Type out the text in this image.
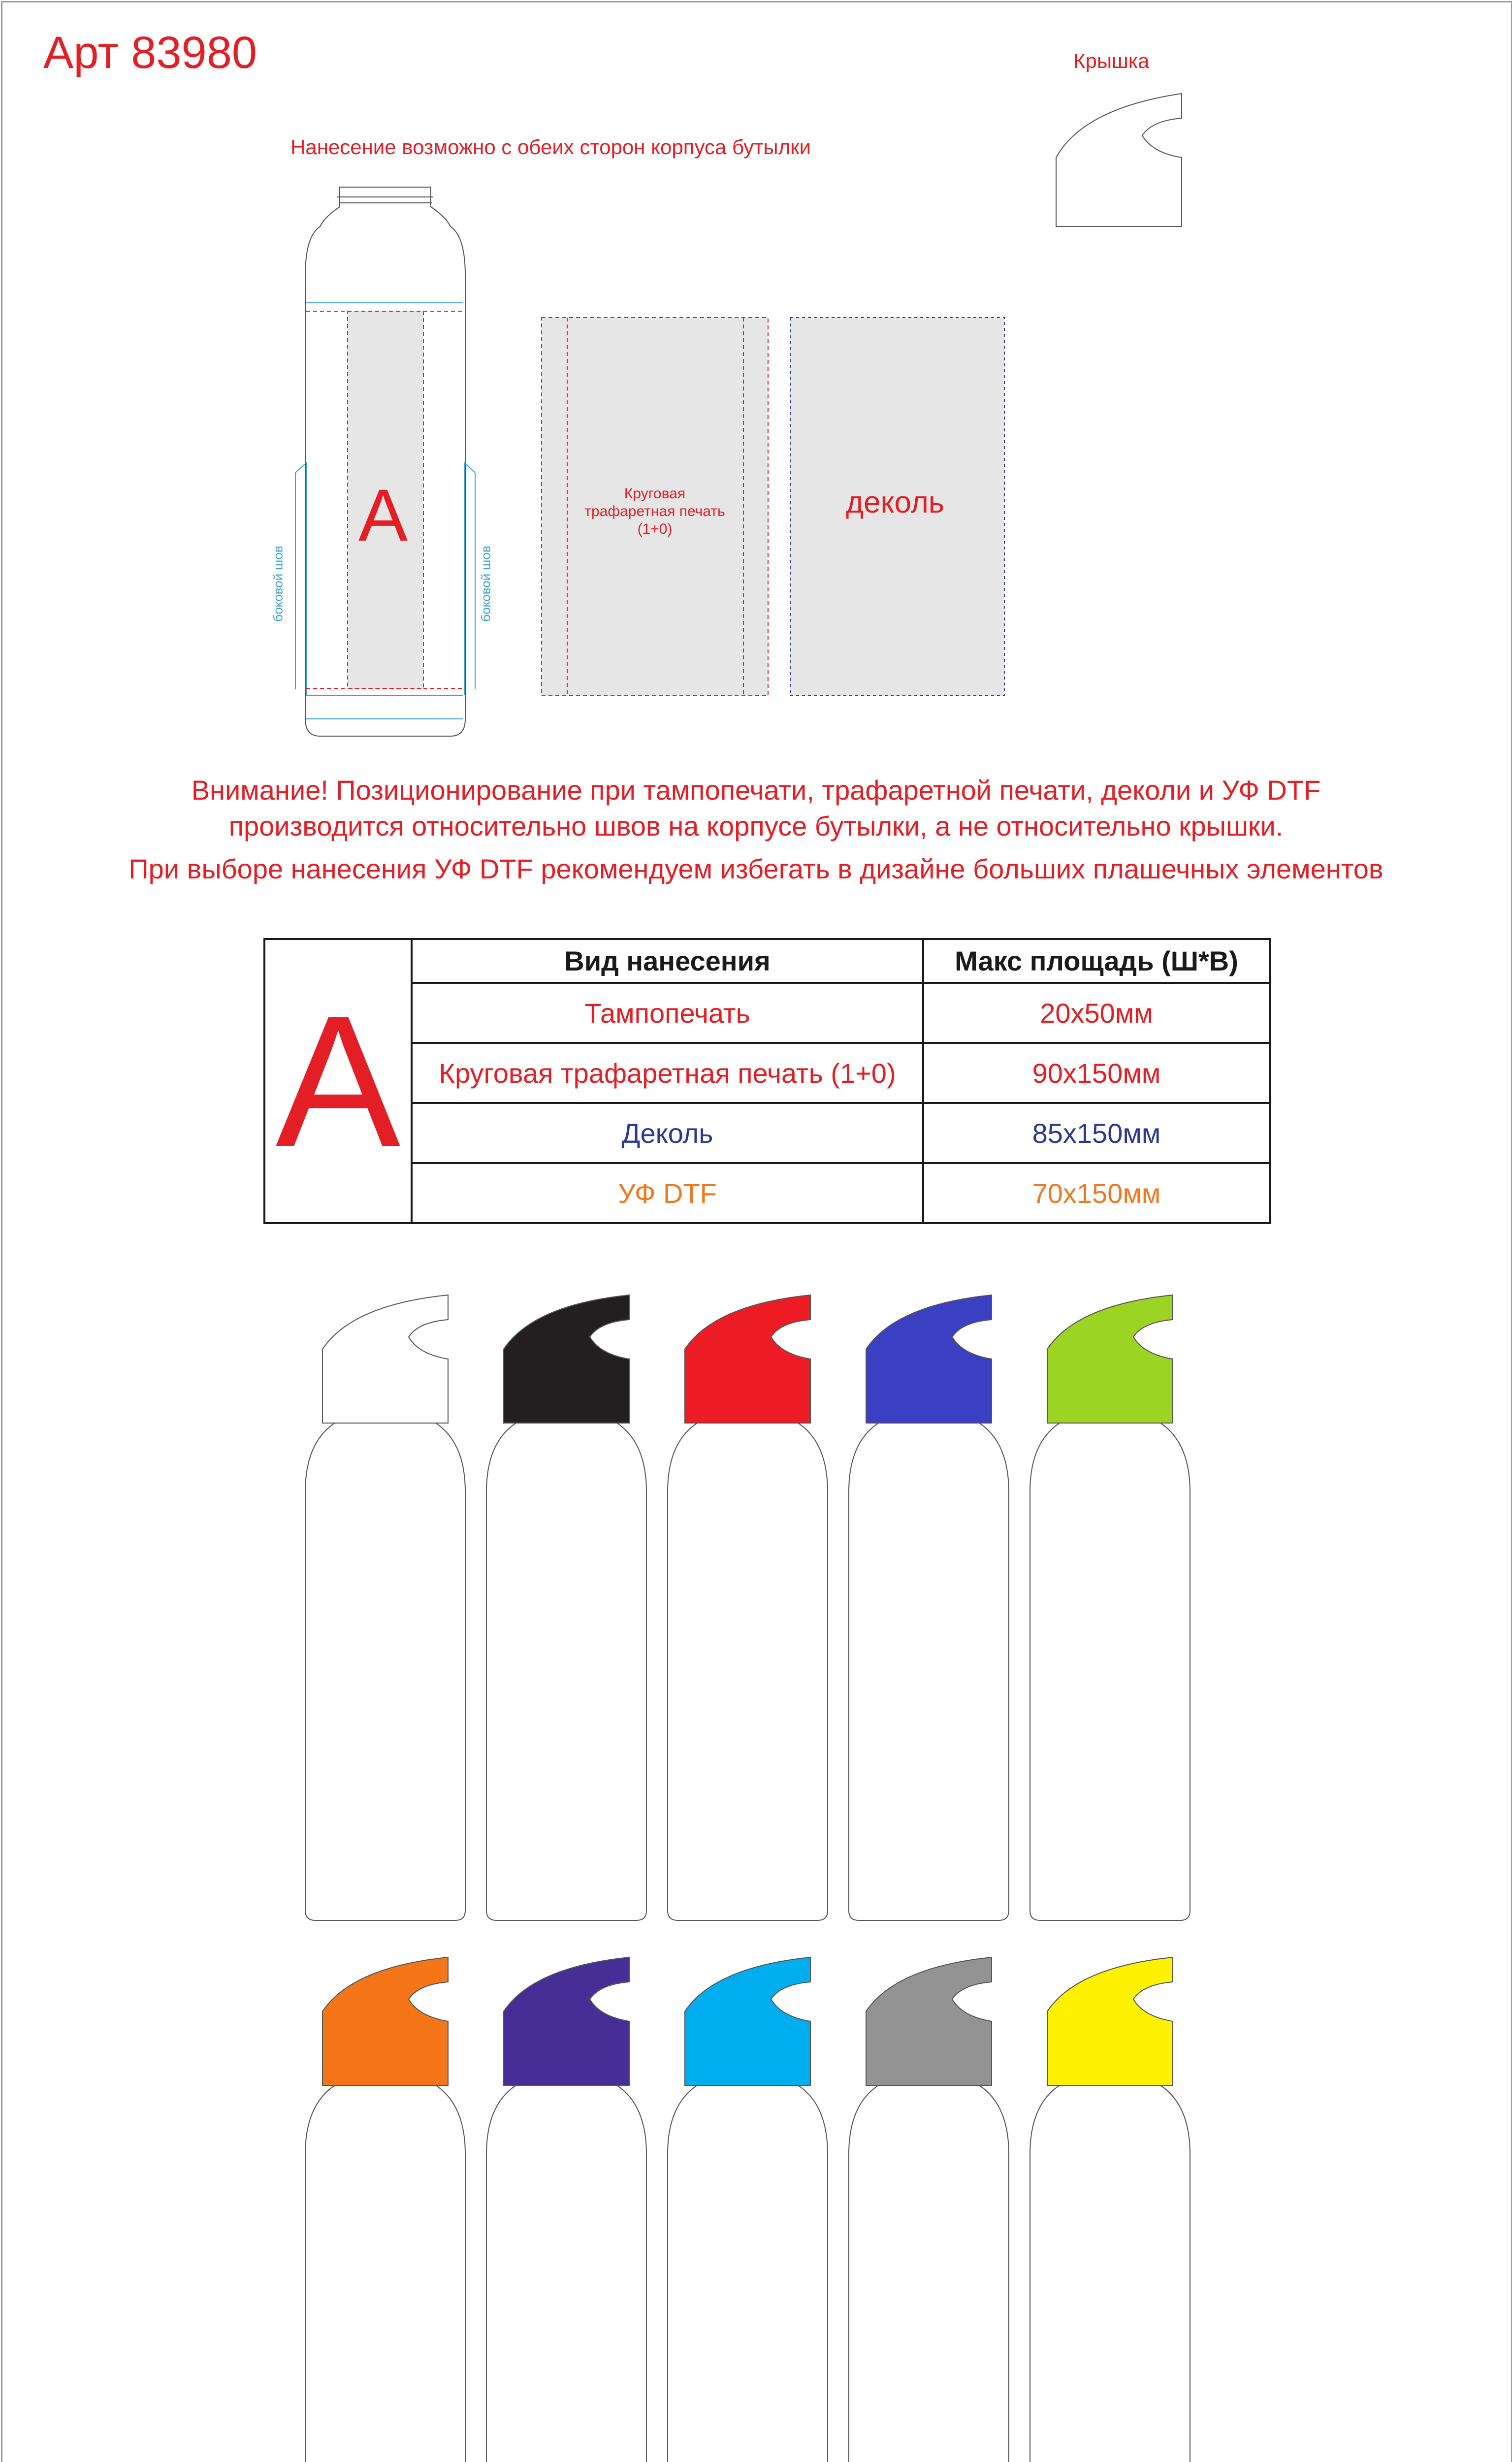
Арт 83980	Крышка
Нанесение возможно с обеих сторон корпуса бутылки
A
боковой шов	боковой шов
Круговая трафаретная печать (1+0)
деколь
Внимание! Позиционирование при тампопечати, трафаретной печати, деколи и УФ DTF
производится относительно швов на корпусе бутылки, а не относительно крышки.
При выборе нанесения УФ DTF рекомендуем избегать в дизайне больших плашечных элементов
A	Вид нанесения	Макс площадь (Ш*В)
	Тампопечать	20x50мм
	Круговая трафаретная печать (1+0)	90x150мм
	Деколь	85x150мм
	УФ DTF	70x150мм
